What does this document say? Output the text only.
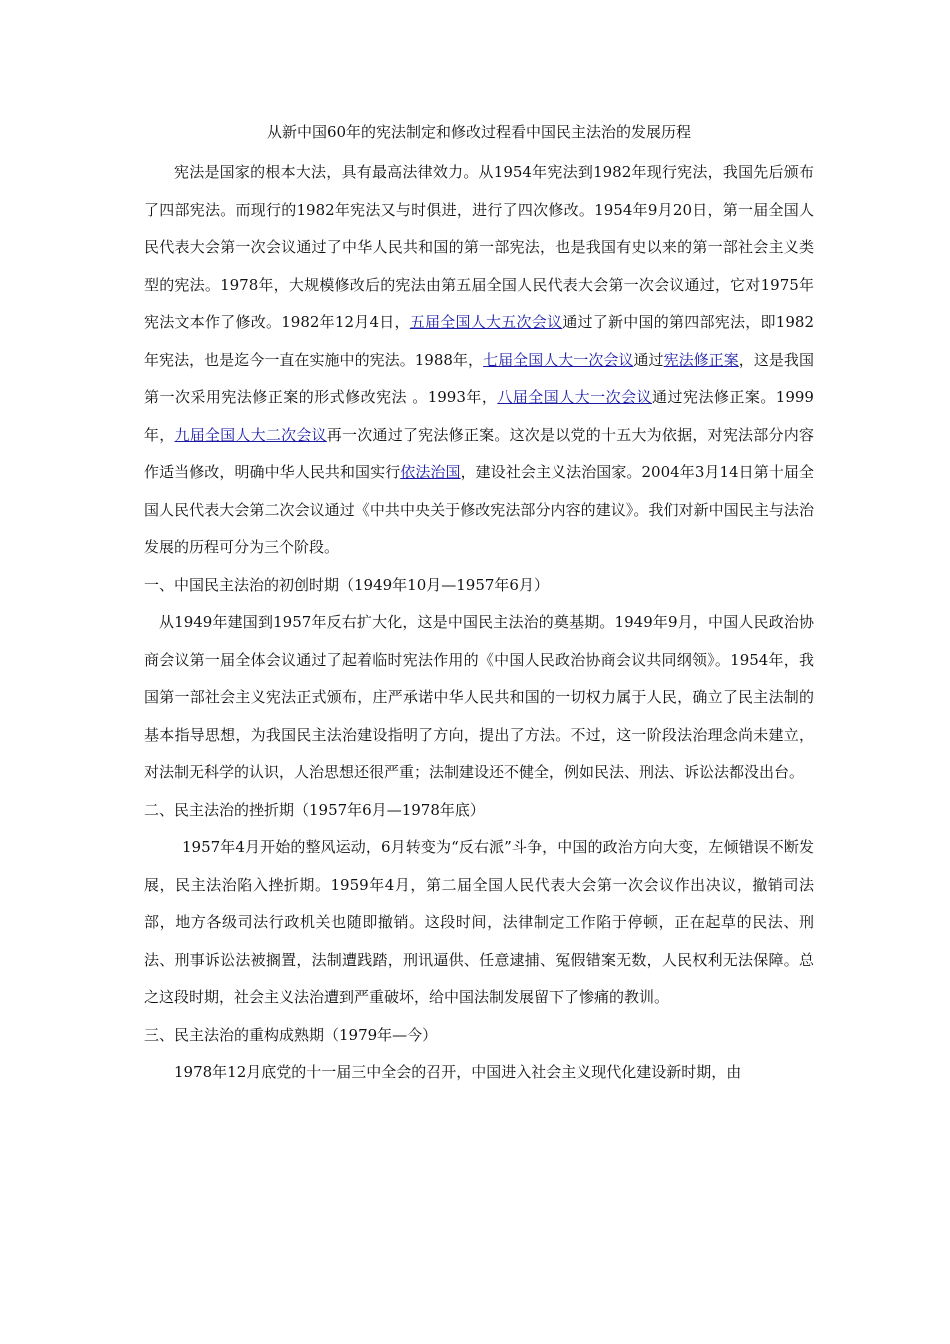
从新中国60年的宪法制定和修改过程看中国民主法治的发展历程

宪法是国家的根本大法，具有最高法律效力。从1954年宪法到1982年现行宪法，我国先后颁布了四部宪法。而现行的1982年宪法又与时俱进，进行了四次修改。1954年9月20日，第一届全国人民代表大会第一次会议通过了中华人民共和国的第一部宪法，也是我国有史以来的第一部社会主义类型的宪法。1978年，大规模修改后的宪法由第五届全国人民代表大会第一次会议通过，它对1975年宪法文本作了修改。1982年12月4日，五届全国人大五次会议通过了新中国的第四部宪法，即1982年宪法，也是迄今一直在实施中的宪法。1988年，七届全国人大一次会议通过宪法修正案，这是我国第一次采用宪法修正案的形式修改宪法 。1993年，八届全国人大一次会议通过宪法修正案。1999年，九届全国人大二次会议再一次通过了宪法修正案。这次是以党的十五大为依据，对宪法部分内容作适当修改，明确中华人民共和国实行依法治国，建设社会主义法治国家。2004年3月14日第十届全国人民代表大会第二次会议通过《中共中央关于修改宪法部分内容的建议》。我们对新中国民主与法治发展的历程可分为三个阶段。

一、中国民主法治的初创时期（1949年10月—1957年6月）

从1949年建国到1957年反右扩大化，这是中国民主法治的奠基期。1949年9月，中国人民政治协商会议第一届全体会议通过了起着临时宪法作用的《中国人民政治协商会议共同纲领》。1954年，我国第一部社会主义宪法正式颁布，庄严承诺中华人民共和国的一切权力属于人民，确立了民主法制的基本指导思想，为我国民主法治建设指明了方向，提出了方法。不过，这一阶段法治理念尚未建立，对法制无科学的认识，人治思想还很严重；法制建设还不健全，例如民法、刑法、诉讼法都没出台。

二、民主法治的挫折期（1957年6月—1978年底）

1957年4月开始的整风运动，6月转变为“反右派”斗争，中国的政治方向大变，左倾错误不断发展，民主法治陷入挫折期。1959年4月，第二届全国人民代表大会第一次会议作出决议，撤销司法部，地方各级司法行政机关也随即撤销。这段时间，法律制定工作陷于停顿，正在起草的民法、刑法、刑事诉讼法被搁置，法制遭践踏，刑讯逼供、任意逮捕、冤假错案无数，人民权利无法保障。总之这段时期，社会主义法治遭到严重破坏，给中国法制发展留下了惨痛的教训。

三、民主法治的重构成熟期（1979年—今）

1978年12月底党的十一届三中全会的召开，中国进入社会主义现代化建设新时期，由
